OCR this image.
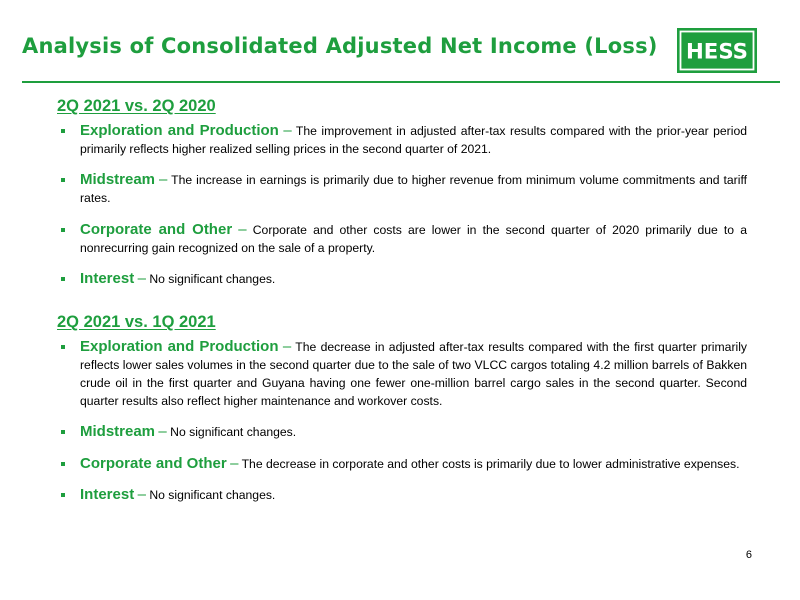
Analysis of Consolidated Adjusted Net Income (Loss) HESS
2Q 2021 vs. 2Q 2020
Exploration and Production – The improvement in adjusted after-tax results compared with the prior-year period primarily reflects higher realized selling prices in the second quarter of 2021.
Midstream – The increase in earnings is primarily due to higher revenue from minimum volume commitments and tariff rates.
Corporate and Other – Corporate and other costs are lower in the second quarter of 2020 primarily due to a nonrecurring gain recognized on the sale of a property.
Interest – No significant changes.
2Q 2021 vs. 1Q 2021
Exploration and Production – The decrease in adjusted after-tax results compared with the first quarter primarily reflects lower sales volumes in the second quarter due to the sale of two VLCC cargos totaling 4.2 million barrels of Bakken crude oil in the first quarter and Guyana having one fewer one-million barrel cargo sales in the second quarter. Second quarter results also reflect higher maintenance and workover costs.
Midstream – No significant changes.
Corporate and Other – The decrease in corporate and other costs is primarily due to lower administrative expenses.
Interest – No significant changes.
6
